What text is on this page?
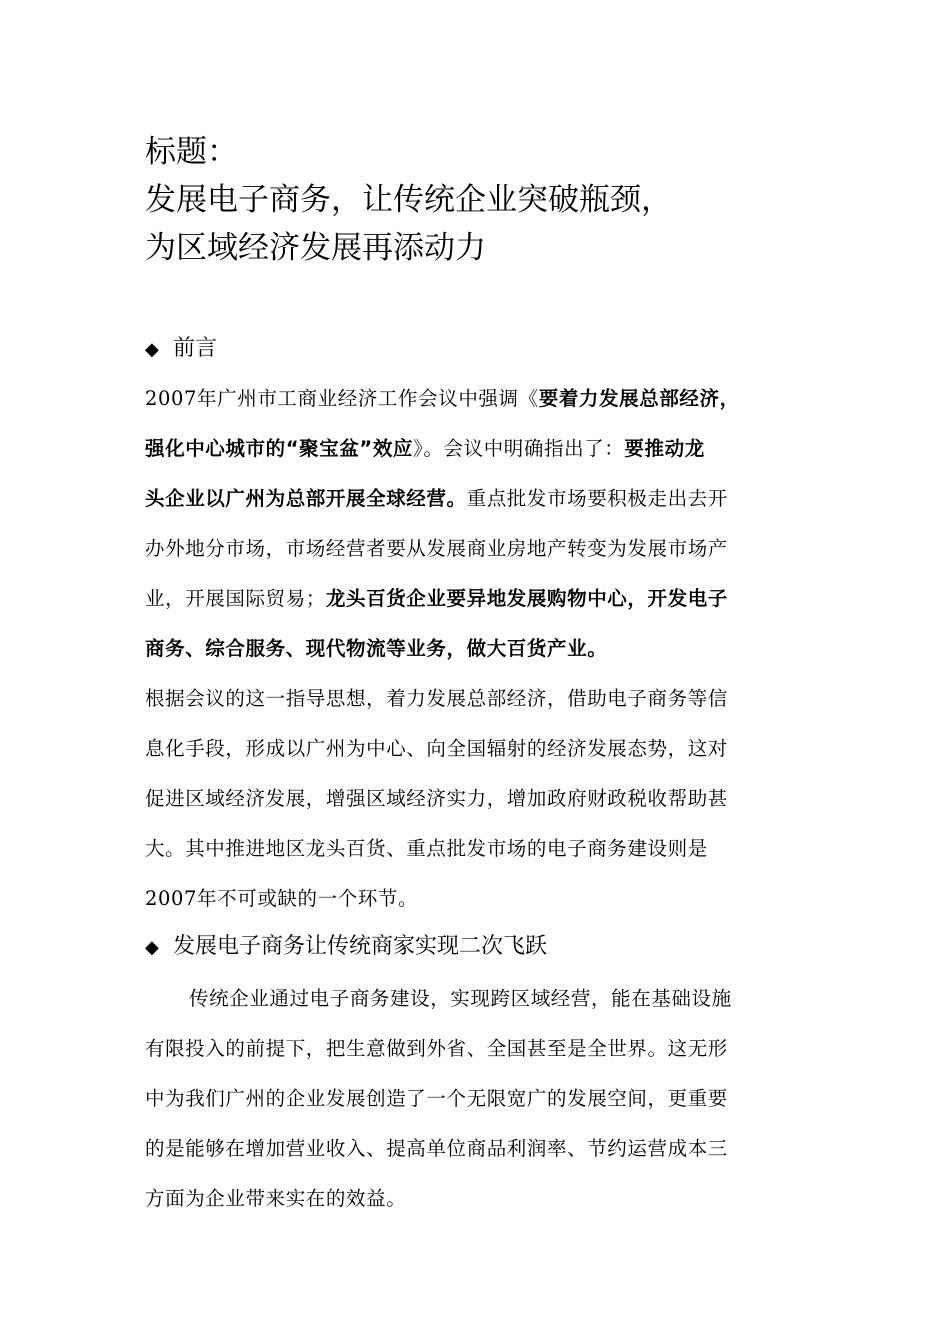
标题：
发展电子商务，让传统企业突破瓶颈，
为区域经济发展再添动力
◆ 前言
2007年广州市工商业经济工作会议中强调《要着力发展总部经济，
强化中心城市的“聚宝盆”效应》。会议中明确指出了：要推动龙
头企业以广州为总部开展全球经营。重点批发市场要积极走出去开
办外地分市场，市场经营者要从发展商业房地产转变为发展市场产
业，开展国际贸易；龙头百货企业要异地发展购物中心，开发电子
商务、综合服务、现代物流等业务，做大百货产业。
根据会议的这一指导思想，着力发展总部经济，借助电子商务等信
息化手段，形成以广州为中心、向全国辐射的经济发展态势，这对
促进区域经济发展，增强区域经济实力，增加政府财政税收帮助甚
大。其中推进地区龙头百货、重点批发市场的电子商务建设则是
2007年不可或缺的一个环节。
◆ 发展电子商务让传统商家实现二次飞跃
传统企业通过电子商务建设，实现跨区域经营，能在基础设施
有限投入的前提下，把生意做到外省、全国甚至是全世界。这无形
中为我们广州的企业发展创造了一个无限宽广的发展空间，更重要
的是能够在增加营业收入、提高单位商品利润率、节约运营成本三
方面为企业带来实在的效益。
